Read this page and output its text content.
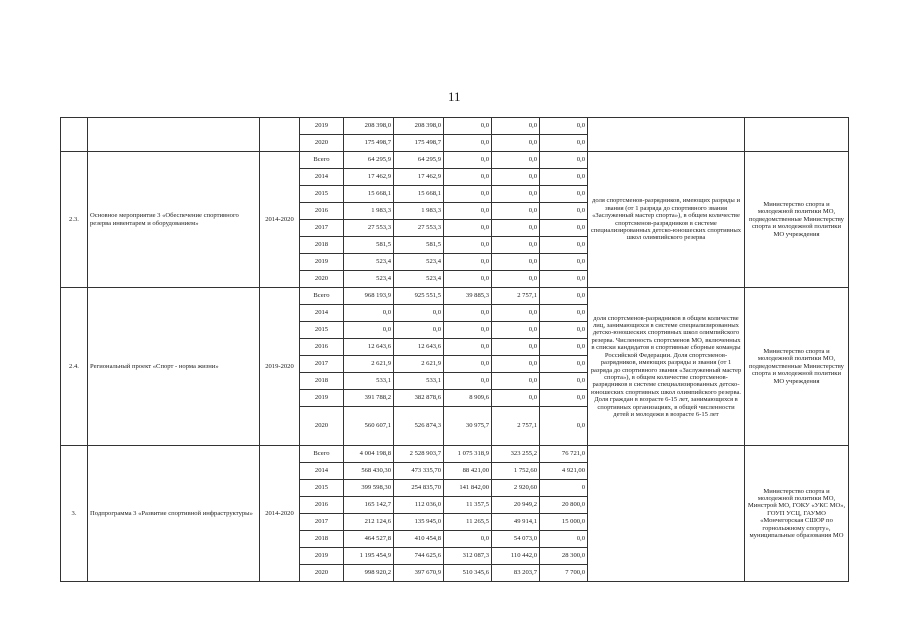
11
			2019	208 398,0	208 398,0	0,0	0,0	0,0		
			2020	175 498,7	175 498,7	0,0	0,0	0,0		
2.3.	Основное мероприятие 3 «Обеспечение спортивного резерва инвентарем и оборудованием»	2014-2020	Всего	64 295,9	64 295,9	0,0	0,0	0,0	доля спортсменов-разрядников, имеющих разряды и звания (от 1 разряда до спортивного звания «Заслуженный мастер спорта»), в общем количестве спортсменов-разрядников в системе специализированных детско-юношеских спортивных школ олимпийского резерва	Министерство спорта и молодежной политики МО, подведомственные Министерству спорта и молодежной политики МО учреждения
			2014	17 462,9	17 462,9	0,0	0,0	0,0		
			2015	15 668,1	15 668,1	0,0	0,0	0,0		
			2016	1 983,3	1 983,3	0,0	0,0	0,0		
			2017	27 553,3	27 553,3	0,0	0,0	0,0		
			2018	581,5	581,5	0,0	0,0	0,0		
			2019	523,4	523,4	0,0	0,0	0,0		
			2020	523,4	523,4	0,0	0,0	0,0		
2.4.	Региональный проект «Спорт - норма жизни»	2019-2020	Всего	968 193,9	925 551,5	39 885,3	2 757,1	0,0	доля спортсменов-разрядников в общем количестве лиц, занимающихся в системе специализированных детско-юношеских спортивных школ олимпийского резерва. Численность спортсменов МО, включенных в списки кандидатов в спортивные сборные команды Российской Федерации. Доля спортсменов-разрядников, имеющих разряды и звания (от 1 разряда до спортивного звания «Заслуженный мастер спорта»), в общем количестве спортсменов-разрядников в системе специализированных детско-юношеских спортивных школ олимпийского резерва. Доля граждан в возрасте 6-15 лет, занимающихся в спортивных организациях, в общей численности детей и молодежи в возрасте 6-15 лет	Министерство спорта и молодежной политики МО, подведомственные Министерству спорта и молодежной политики МО учреждения
			2014	0,0	0,0	0,0	0,0	0,0		
			2015	0,0	0,0	0,0	0,0	0,0		
			2016	12 643,6	12 643,6	0,0	0,0	0,0		
			2017	2 621,9	2 621,9	0,0	0,0	0,0		
			2018	533,1	533,1	0,0	0,0	0,0		
			2019	391 788,2	382 878,6	8 909,6	0,0	0,0		
			2020	560 607,1	526 874,3	30 975,7	2 757,1	0,0		
3.	Подпрограмма 3 «Развитие спортивной инфраструктуры»	2014-2020	Всего	4 004 198,8	2 528 903,7	1 075 318,9	323 255,2	76 721,0		Министерство спорта и молодежной политики МО, Минстрой МО, ГОКУ «УКС МО», ГОУП УСЦ, ГАУМО «Мончегорская СШОР по горнолыжному спорту», муниципальные образования МО
			2014	568 430,30	473 335,70	88 421,00	1 752,60	4 921,00		
			2015	399 598,30	254 835,70	141 842,00	2 920,60	0		
			2016	165 142,7	112 036,0	11 357,5	20 949,2	20 800,0		
			2017	212 124,6	135 945,0	11 265,5	49 914,1	15 000,0		
			2018	464 527,8	410 454,8	0,0	54 073,0	0,0		
			2019	1 195 454,9	744 625,6	312 087,3	110 442,0	28 300,0		
			2020	998 920,2	397 670,9	510 345,6	83 203,7	7 700,0		
